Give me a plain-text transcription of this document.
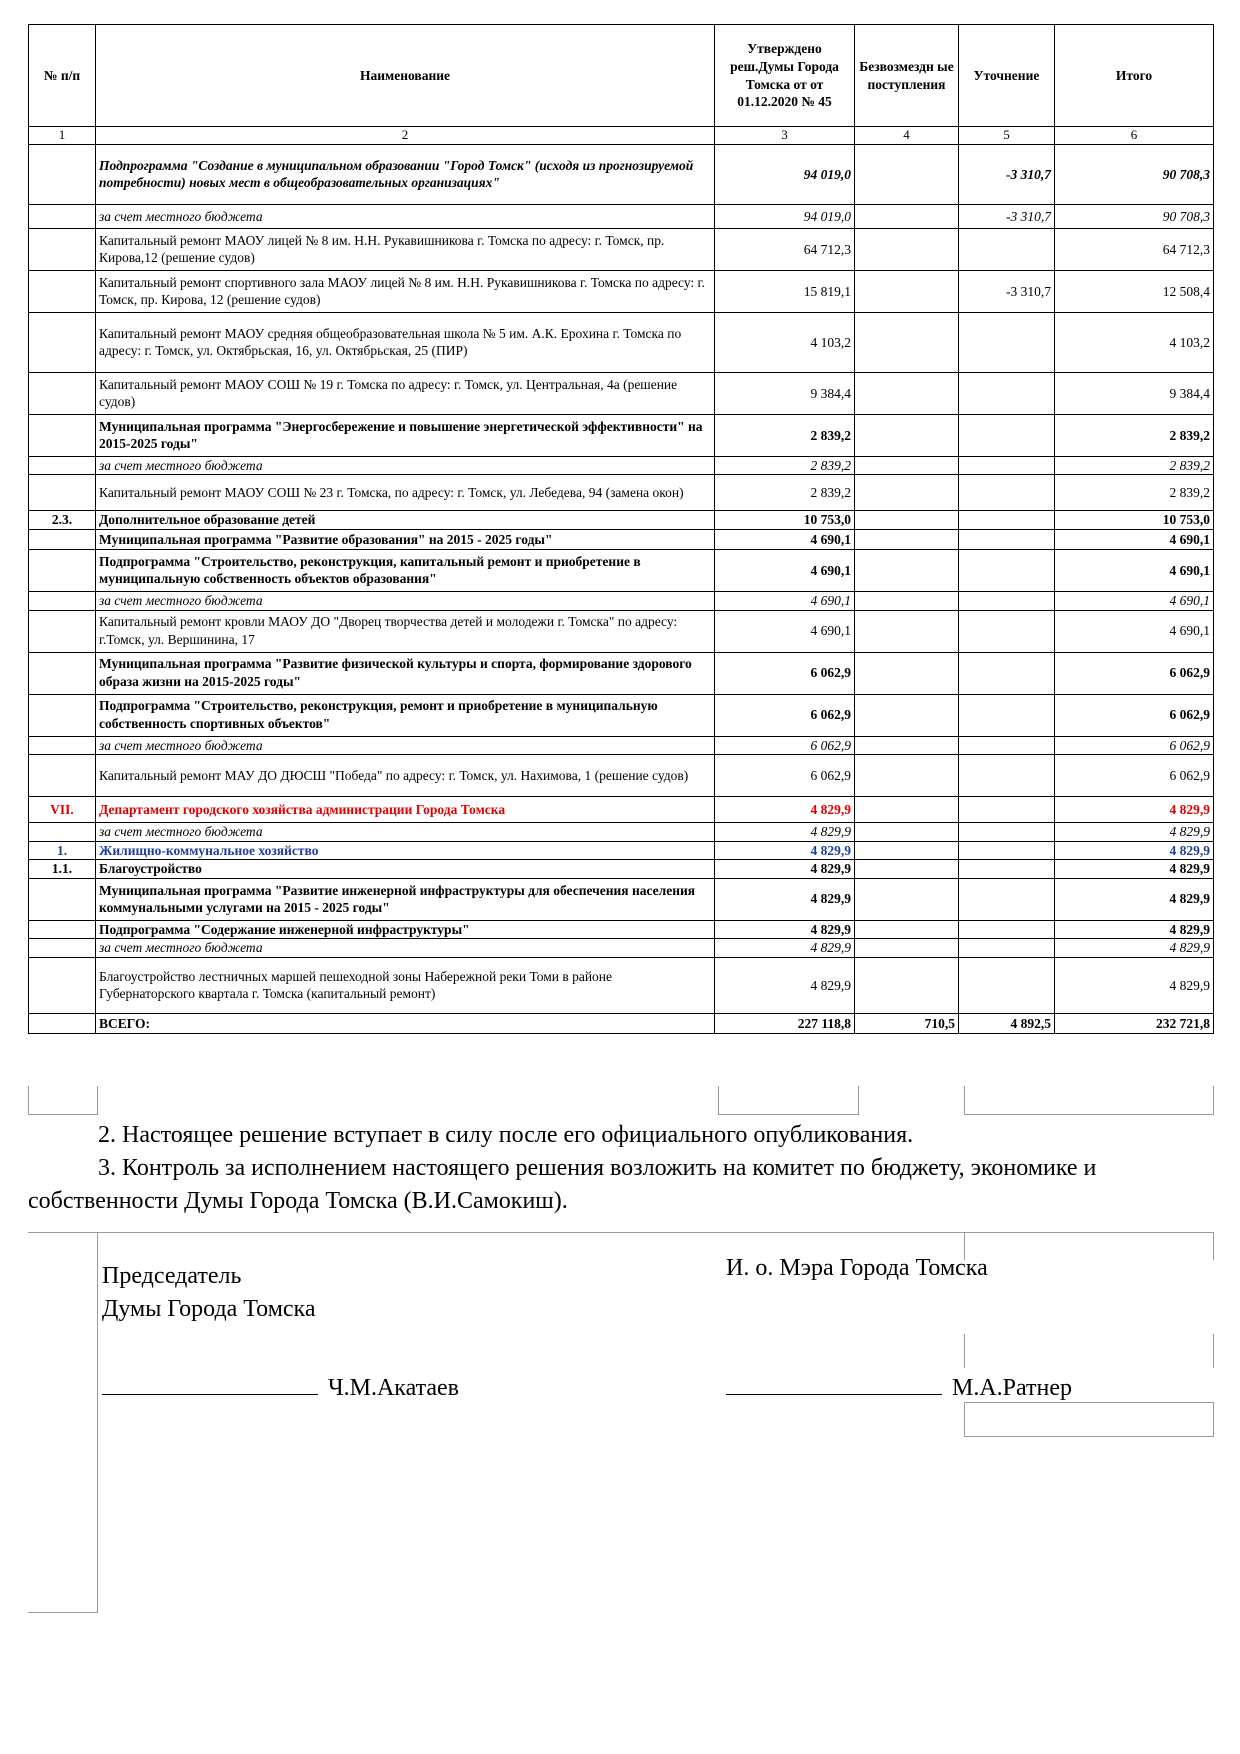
№ п/п	Наименование	Утверждено реш.Думы Города Томска от от 01.12.2020 № 45	Безвозмездн ые поступления	Уточнение	Итого
1	2	3	4	5	6
	Подпрограмма "Создание в муниципальном образовании "Город Томск" (исходя из прогнозируемой потребности) новых мест в общеобразовательных организациях"	94 019,0		-3 310,7	90 708,3
	за счет местного бюджета	94 019,0		-3 310,7	90 708,3
	Капитальный ремонт МАОУ лицей № 8 им. Н.Н. Рукавишникова г. Томска по адресу: г. Томск, пр. Кирова,12 (решение судов)	64 712,3			64 712,3
	Капитальный ремонт спортивного зала МАОУ лицей № 8 им. Н.Н. Рукавишникова г. Томска по адресу: г. Томск, пр. Кирова, 12 (решение судов)	15 819,1		-3 310,7	12 508,4
	Капитальный ремонт МАОУ средняя общеобразовательная школа № 5 им. А.К. Ерохина г. Томска по адресу: г. Томск, ул. Октябрьская, 16, ул. Октябрьская, 25 (ПИР)	4 103,2			4 103,2
	Капитальный ремонт МАОУ СОШ № 19 г. Томска по адресу: г. Томск, ул. Центральная, 4а (решение судов)	9 384,4			9 384,4
	Муниципальная программа "Энергосбережение и повышение энергетической эффективности" на 2015-2025 годы"	2 839,2			2 839,2
	за счет местного бюджета	2 839,2			2 839,2
	Капитальный ремонт МАОУ СОШ № 23 г. Томска, по адресу: г. Томск, ул. Лебедева, 94 (замена окон)	2 839,2			2 839,2
2.3.	Дополнительное образование детей	10 753,0			10 753,0
	Муниципальная программа "Развитие образования" на 2015 - 2025 годы"	4 690,1			4 690,1
	Подпрограмма "Строительство, реконструкция, капитальный ремонт и приобретение в муниципальную собственность объектов образования"	4 690,1			4 690,1
	за счет местного бюджета	4 690,1			4 690,1
	Капитальный ремонт кровли МАОУ ДО "Дворец творчества детей и молодежи г. Томска" по адресу: г.Томск, ул. Вершинина, 17	4 690,1			4 690,1
	Муниципальная программа "Развитие физической культуры и спорта, формирование здорового образа жизни на 2015-2025 годы"	6 062,9			6 062,9
	Подпрограмма "Строительство, реконструкция, ремонт и приобретение в муниципальную собственность спортивных объектов"	6 062,9			6 062,9
	за счет местного бюджета	6 062,9			6 062,9
	Капитальный ремонт МАУ ДО ДЮСШ "Победа" по адресу: г. Томск, ул. Нахимова, 1 (решение судов)	6 062,9			6 062,9
VII.	Департамент городского хозяйства администрации Города Томска	4 829,9			4 829,9
	за счет местного бюджета	4 829,9			4 829,9
1.	Жилищно-коммунальное хозяйство	4 829,9			4 829,9
1.1.	Благоустройство	4 829,9			4 829,9
	Муниципальная программа "Развитие инженерной инфраструктуры для обеспечения населения коммунальными услугами на 2015 - 2025 годы"	4 829,9			4 829,9
	Подпрограмма "Содержание инженерной инфраструктуры"	4 829,9			4 829,9
	за счет местного бюджета	4 829,9			4 829,9
	Благоустройство лестничных маршей пешеходной зоны Набережной реки Томи в районе Губернаторского квартала г. Томска (капитальный ремонт)	4 829,9			4 829,9
	ВСЕГО:	227 118,8	710,5	4 892,5	232 721,8

2. Настоящее решение вступает в силу после его официального опубликования.

3. Контроль за исполнением настоящего решения возложить на комитет по бюджету, экономике и собственности Думы Города Томска (В.И.Самокиш).

Председатель

Думы Города Томска

И. о. Мэра Города Томска

Ч.М.Акатаев	М.А.Ратнер
